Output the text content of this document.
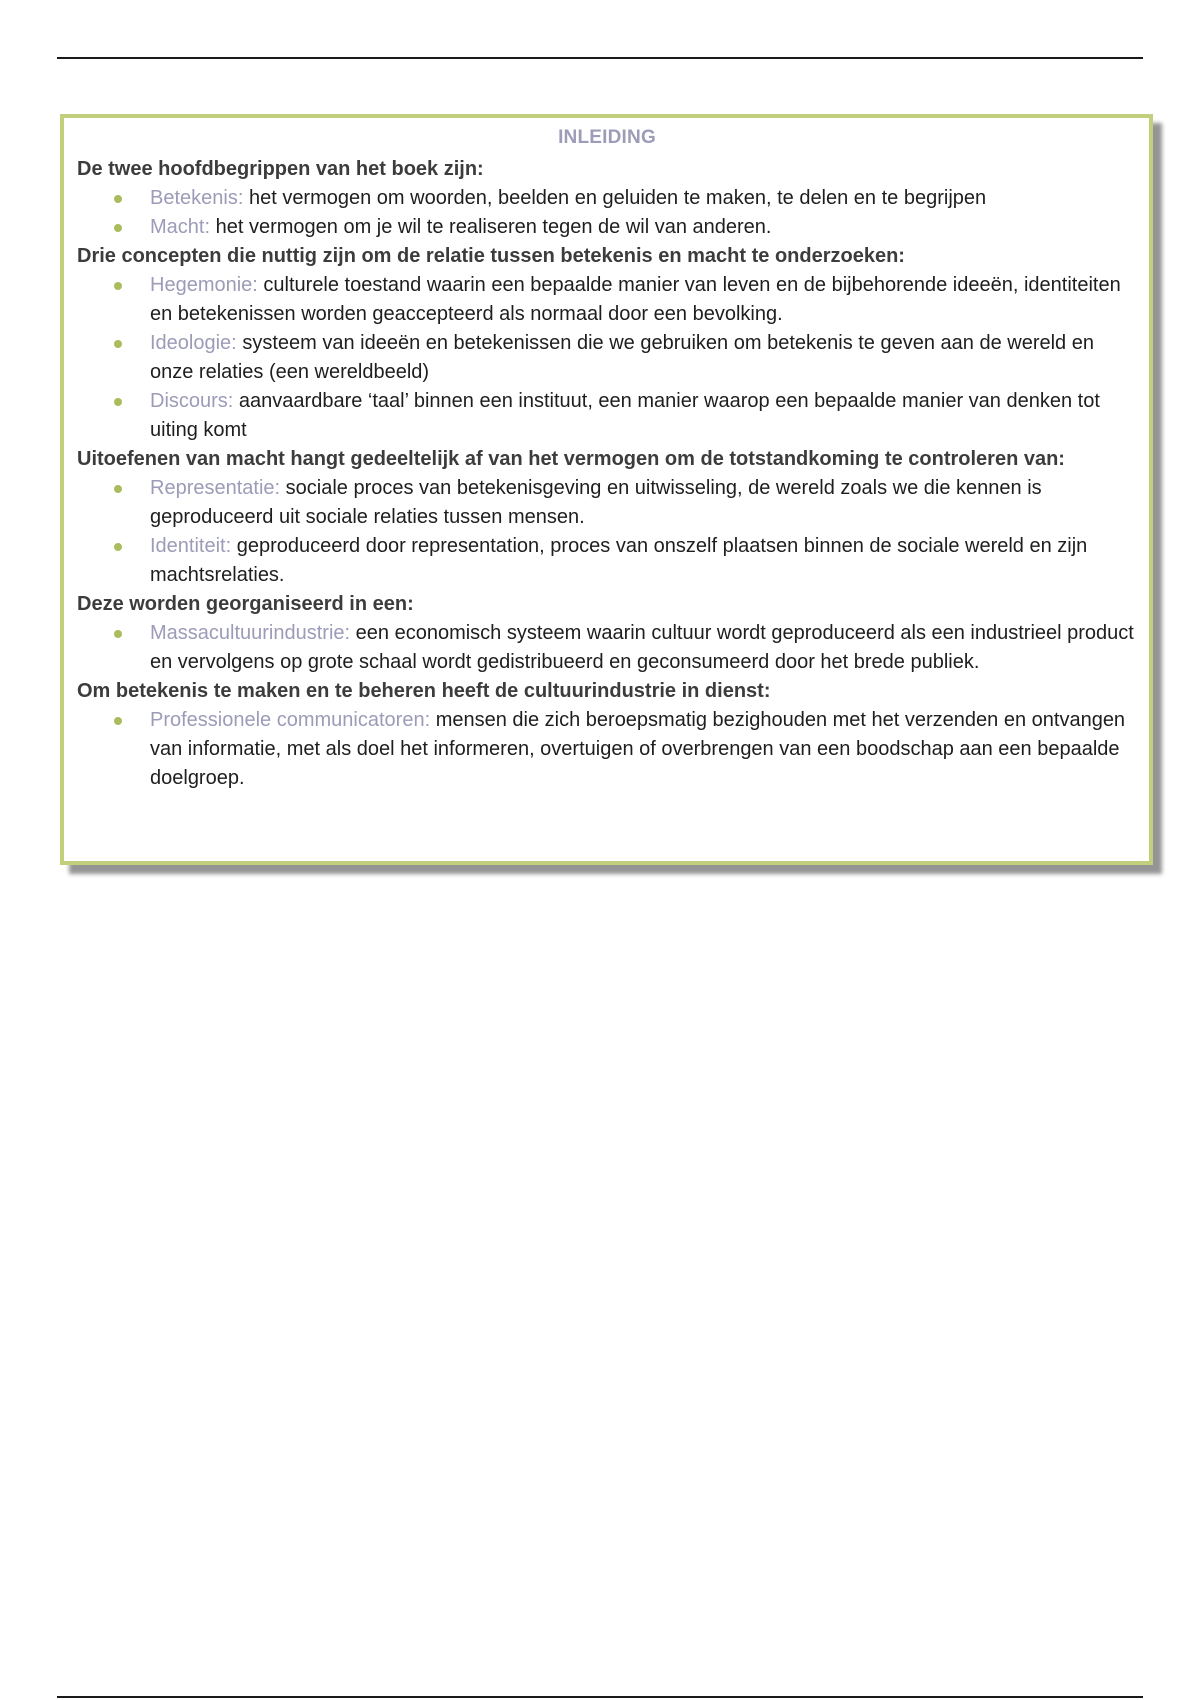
INLEIDING

De twee hoofdbegrippen van het boek zijn:

Betekenis: het vermogen om woorden, beelden en geluiden te maken, te delen en te begrijpen
Macht: het vermogen om je wil te realiseren tegen de wil van anderen.

Drie concepten die nuttig zijn om de relatie tussen betekenis en macht te onderzoeken:

Hegemonie: culturele toestand waarin een bepaalde manier van leven en de bijbehorende ideeën, identiteiten en betekenissen worden geaccepteerd als normaal door een bevolking.
Ideologie: systeem van ideeën en betekenissen die we gebruiken om betekenis te geven aan de wereld en onze relaties (een wereldbeeld)
Discours: aanvaardbare ‘taal’ binnen een instituut, een manier waarop een bepaalde manier van denken tot uiting komt

Uitoefenen van macht hangt gedeeltelijk af van het vermogen om de totstandkoming te controleren van:

Representatie: sociale proces van betekenisgeving en uitwisseling, de wereld zoals we die kennen is geproduceerd uit sociale relaties tussen mensen.
Identiteit: geproduceerd door representation, proces van onszelf plaatsen binnen de sociale wereld en zijn machtsrelaties.

Deze worden georganiseerd in een:

Massacultuurindustrie: een economisch systeem waarin cultuur wordt geproduceerd als een industrieel product en vervolgens op grote schaal wordt gedistribueerd en geconsumeerd door het brede publiek.

Om betekenis te maken en te beheren heeft de cultuurindustrie in dienst:

Professionele communicatoren: mensen die zich beroepsmatig bezighouden met het verzenden en ontvangen van informatie, met als doel het informeren, overtuigen of overbrengen van een boodschap aan een bepaalde doelgroep.
